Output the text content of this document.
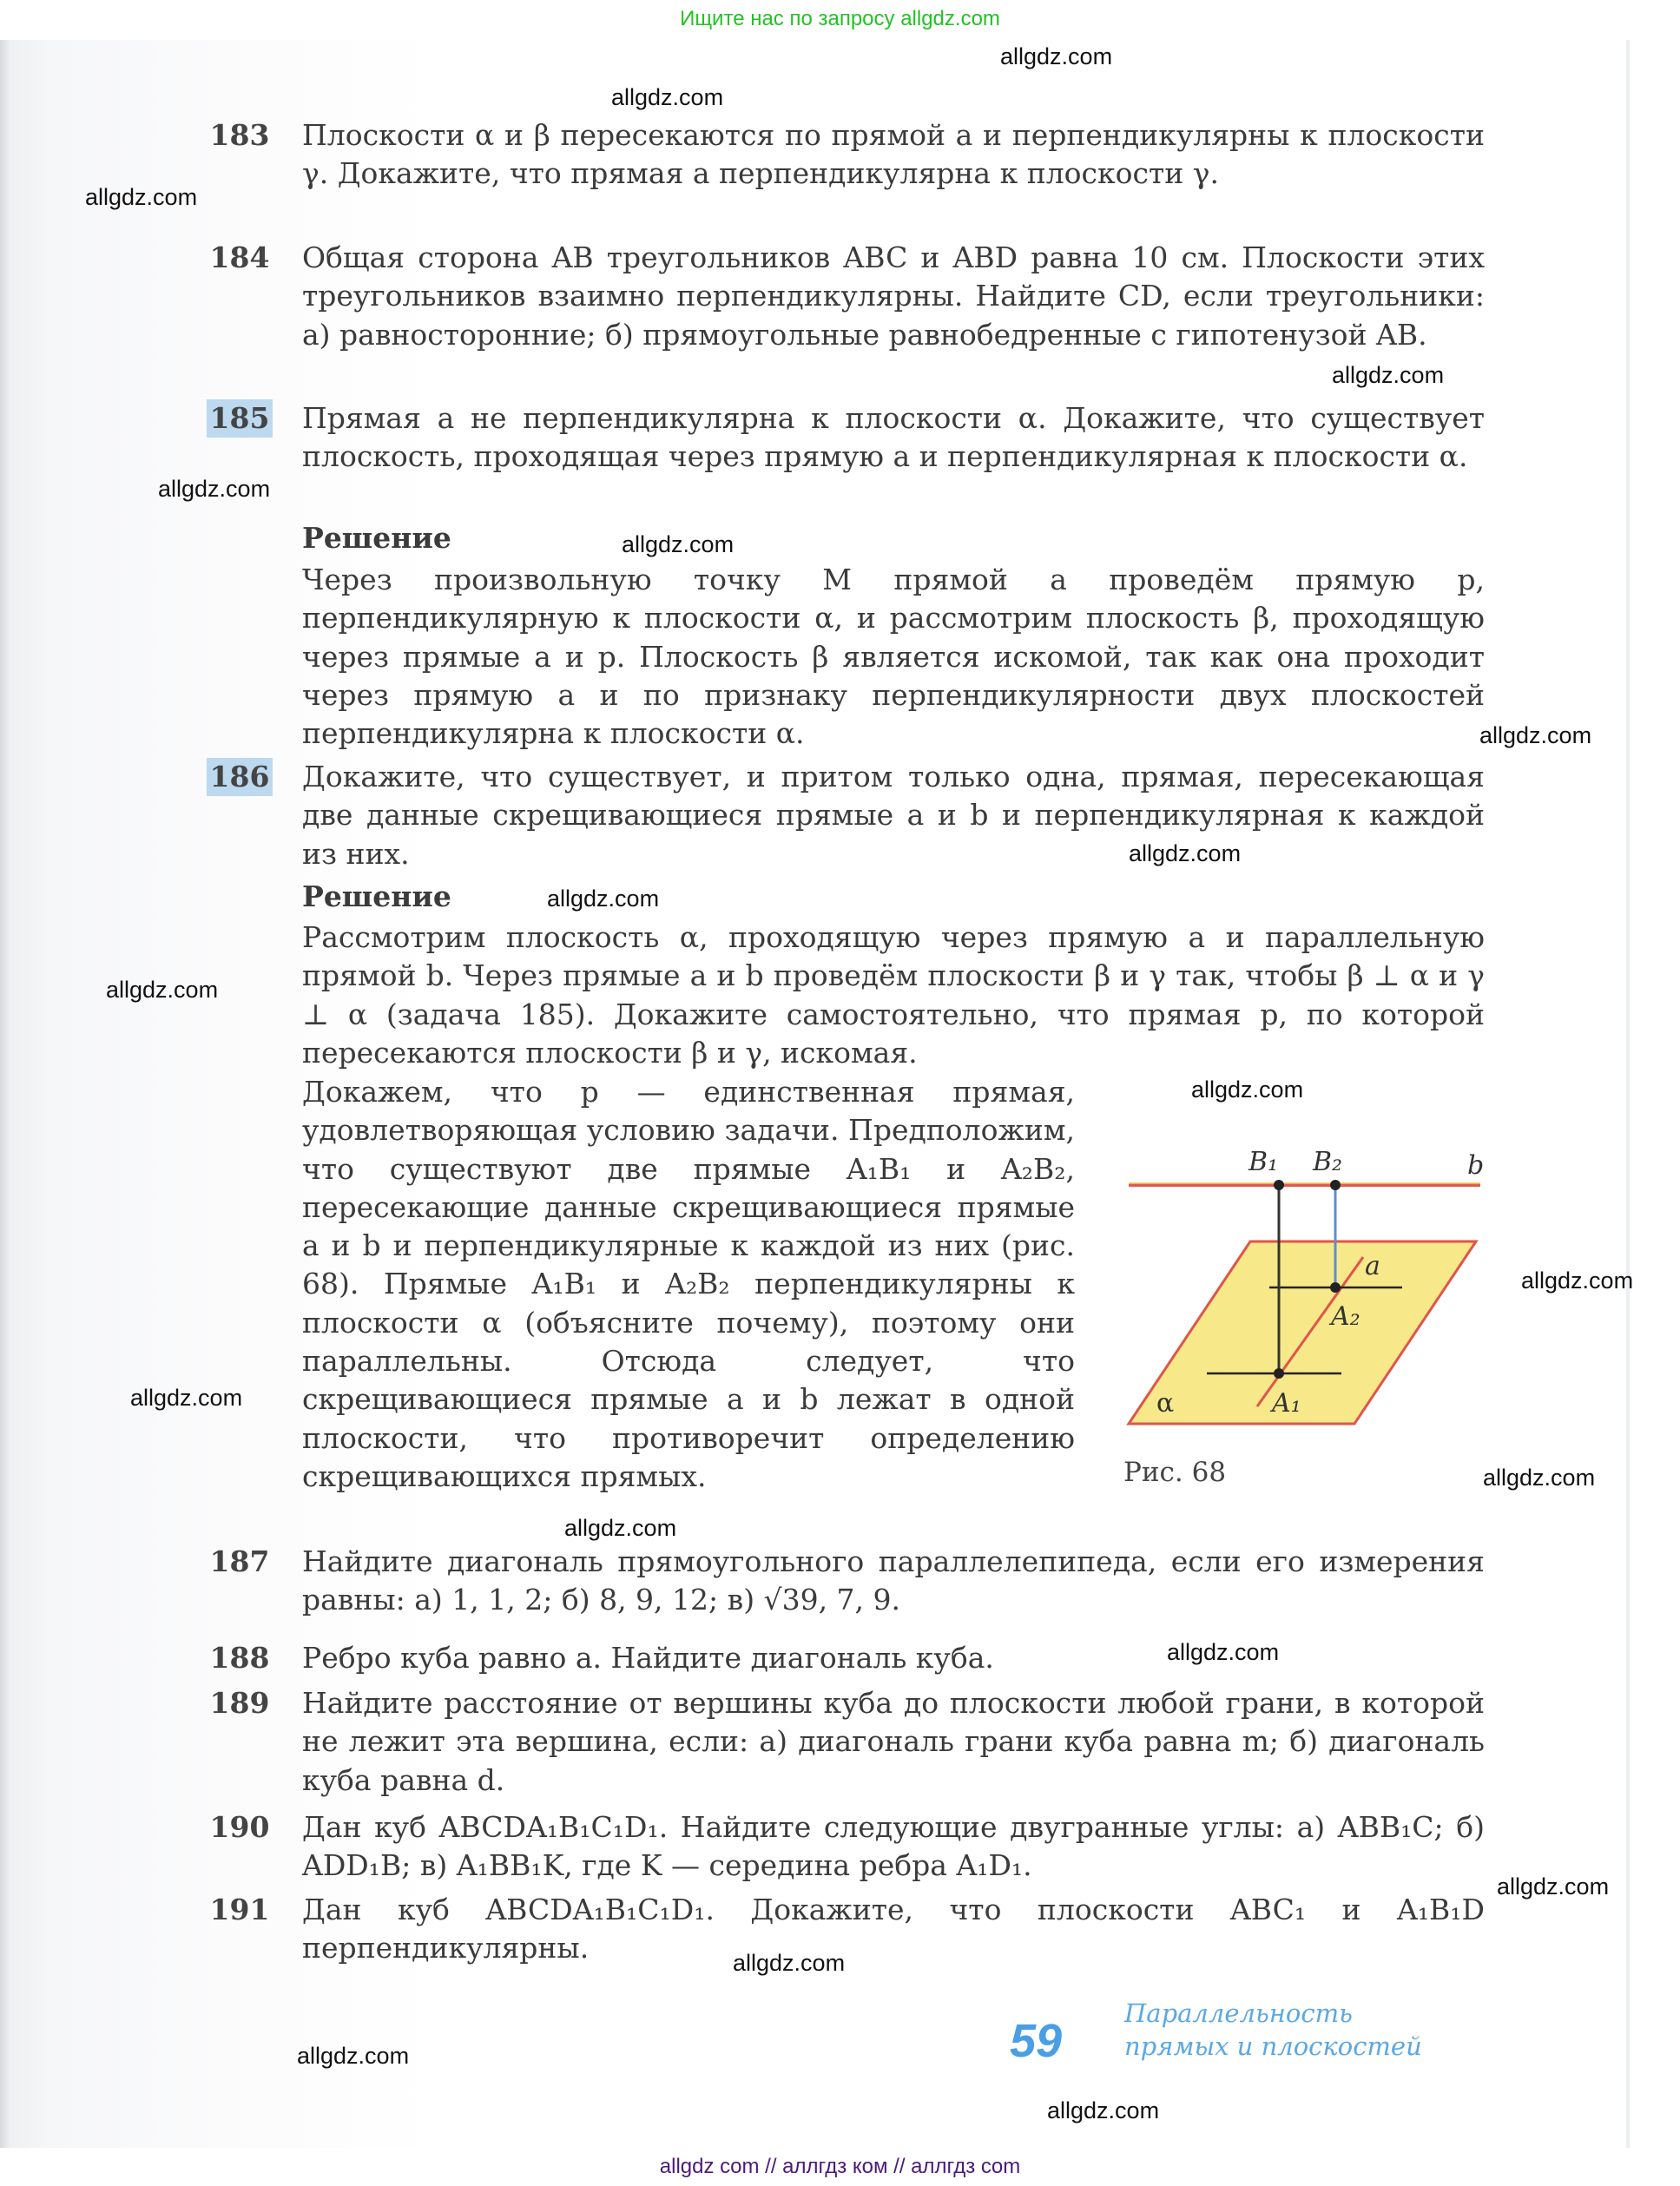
Ищите нас по запросу allgdz.com
183 Плоскости α и β пересекаются по прямой a и перпендикулярны к плоскости γ. Докажите, что прямая a перпендикулярна к плоскости γ.
184 Общая сторона AB треугольников ABC и ABD равна 10 см. Плоскости этих треугольников взаимно перпендикулярны. Найдите CD, если треугольники: а) равносторонние; б) прямоугольные равнобедренные с гипотенузой AB.
185 Прямая a не перпендикулярна к плоскости α. Докажите, что существует плоскость, проходящая через прямую a и перпендикулярная к плоскости α.
Решение
Через произвольную точку M прямой a проведём прямую p, перпендикулярную к плоскости α, и рассмотрим плоскость β, проходящую через прямые a и p. Плоскость β является искомой, так как она проходит через прямую a и по признаку перпендикулярности двух плоскостей перпендикулярна к плоскости α.
186 Докажите, что существует, и притом только одна, прямая, пересекающая две данные скрещивающиеся прямые a и b и перпендикулярная к каждой из них.
Решение
Рассмотрим плоскость α, проходящую через прямую a и параллельную прямой b. Через прямые a и b проведём плоскости β и γ так, чтобы β ⊥ α и γ ⊥ α (задача 185). Докажите самостоятельно, что прямая p, по которой пересекаются плоскости β и γ, искомая.
Докажем, что p — единственная прямая, удовлетворяющая условию задачи. Предположим, что существуют две прямые A₁B₁ и A₂B₂, пересекающие данные скрещивающиеся прямые a и b и перпендикулярные к каждой из них (рис. 68). Прямые A₁B₁ и A₂B₂ перпендикулярны к плоскости α (объясните почему), поэтому они параллельны. Отсюда следует, что скрещивающиеся прямые a и b лежат в одной плоскости, что противоречит определению скрещивающихся прямых.
B₁ B₂	b
a
A₂
A₁
α
Рис. 68
187 Найдите диагональ прямоугольного параллелепипеда, если его измерения равны: а) 1, 1, 2; б) 8, 9, 12; в) √39, 7, 9.
188 Ребро куба равно a. Найдите диагональ куба.
189 Найдите расстояние от вершины куба до плоскости любой грани, в которой не лежит эта вершина, если: а) диагональ грани куба равна m; б) диагональ куба равна d.
190 Дан куб ABCDA₁B₁C₁D₁. Найдите следующие двугранные углы: а) ABB₁C; б) ADD₁B; в) A₁BB₁K, где K — середина ребра A₁D₁.
191 Дан куб ABCDA₁B₁C₁D₁. Докажите, что плоскости ABC₁ и A₁B₁D перпендикулярны.
59
Параллельность
прямых и плоскостей
allgdz.com
allgdz.com
allgdz.com
allgdz.com
allgdz.com
allgdz.com
allgdz.com
allgdz.com
allgdz.com
allgdz.com
allgdz.com
allgdz.com
allgdz.com
allgdz.com
allgdz.com
allgdz.com
allgdz.com
allgdz.com
allgdz.com
allgdz.com
allgdz com // аллгдз ком // аллгдз com
